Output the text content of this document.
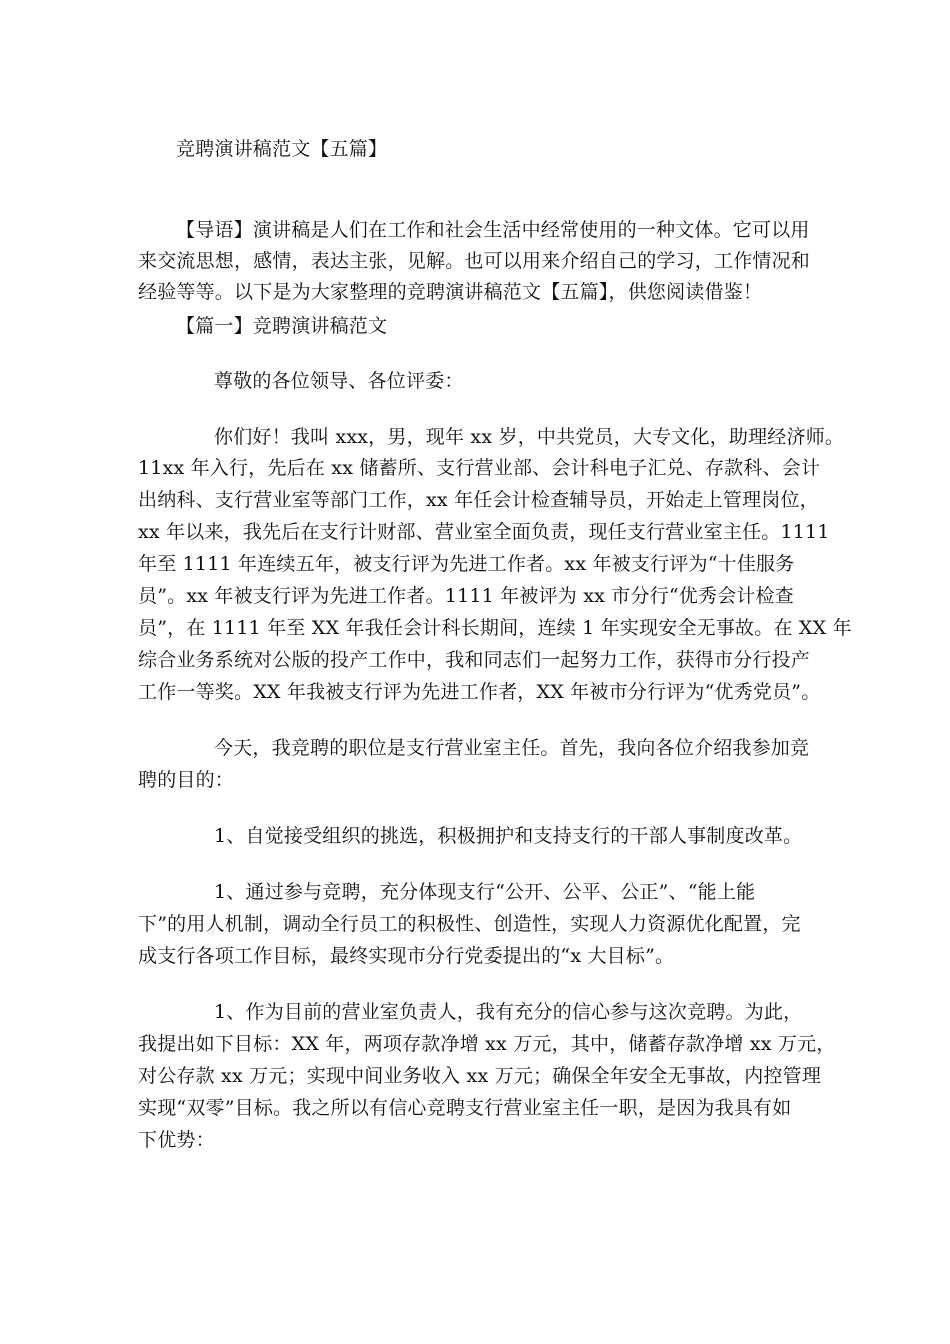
竞聘演讲稿范文【五篇】

【导语】演讲稿是人们在工作和社会生活中经常使用的一种文体。它可以用

来交流思想，感情，表达主张，见解。也可以用来介绍自己的学习，工作情况和

经验等等。以下是为大家整理的竞聘演讲稿范文【五篇】，供您阅读借鉴！

【篇一】竞聘演讲稿范文

尊敬的各位领导、各位评委：

你们好！我叫 xxx，男，现年 xx 岁，中共党员，大专文化，助理经济师。

11xx 年入行，先后在 xx 储蓄所、支行营业部、会计科电子汇兑、存款科、会计

出纳科、支行营业室等部门工作，xx 年任会计检查辅导员，开始走上管理岗位，

xx 年以来，我先后在支行计财部、营业室全面负责，现任支行营业室主任。1111

年至 1111 年连续五年，被支行评为先进工作者。xx 年被支行评为“十佳服务

员”。xx 年被支行评为先进工作者。1111 年被评为 xx 市分行“优秀会计检查

员”，在 1111 年至 XX 年我任会计科长期间，连续 1 年实现安全无事故。在 XX 年

综合业务系统对公版的投产工作中，我和同志们一起努力工作，获得市分行投产

工作一等奖。XX 年我被支行评为先进工作者，XX 年被市分行评为“优秀党员”。

今天，我竞聘的职位是支行营业室主任。首先，我向各位介绍我参加竞

聘的目的：

1、自觉接受组织的挑选，积极拥护和支持支行的干部人事制度改革。

1、通过参与竞聘，充分体现支行“公开、公平、公正”、“能上能

下”的用人机制，调动全行员工的积极性、创造性，实现人力资源优化配置，完

成支行各项工作目标，最终实现市分行党委提出的“x 大目标”。

1、作为目前的营业室负责人，我有充分的信心参与这次竞聘。为此，

我提出如下目标：XX 年，两项存款净增 xx 万元，其中，储蓄存款净增 xx 万元，

对公存款 xx 万元；实现中间业务收入 xx 万元；确保全年安全无事故，内控管理

实现“双零”目标。我之所以有信心竞聘支行营业室主任一职，是因为我具有如

下优势：
